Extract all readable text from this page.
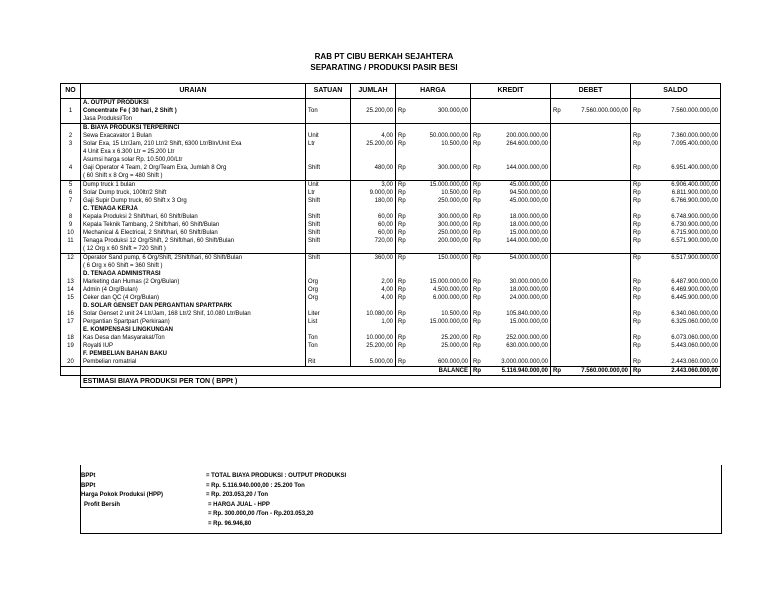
RAB PT CIBU BERKAH SEJAHTERA
SEPARATING / PRODUKSI PASIR BESI
NO	URAIAN	SATUAN	JUMLAH	HARGA	KREDIT	DEBET	SALDO
	A. OUTPUT PRODUKSI						
1	Concentrate Fe ( 30 hari, 2 Shift )	Ton	25.200,00	Rp 300.000,00		Rp 7.560.000.000,00	Rp 7.560.000.000,00
	Jasa Produksi/Ton						
	B. BIAYA PRODUKSI TERPERINCI						
2	Sewa Exacavator 1 Bulan	Unit	4,00	Rp 50.000.000,00	Rp 200.000.000,00		Rp 7.360.000.000,00
3	Solar Exa, 15 Ltr/Jam, 210 Ltr/2 Shift, 6300 Ltr/Bln/Unit Exa	Ltr	25.200,00	Rp 10.500,00	Rp 264.600.000,00		Rp 7.095.400.000,00
	4 Unit Exa x 6.300 Ltr = 25.200 Ltr						
	Asumsi harga solar Rp. 10.500,00/Ltr						
4	Gaji Operator 4 Team, 2 Org/Team Exa, Jumlah 8 Org	Shift	480,00	Rp 300.000,00	Rp 144.000.000,00		Rp 6.951.400.000,00
	( 60 Shift x 8 Org = 480 Shift )						
5	Dump truck 1 bulan	Unit	3,00	Rp 15.000.000,00	Rp 45.000.000,00		Rp 6.906.400.000,00
6	Solar Dump truck, 100ltr/2 Shift	Ltr	9.000,00	Rp 10.500,00	Rp 94.500.000,00		Rp 6.811.900.000,00
7	Gaji Supir Dump truck, 60 Shift x 3 Org	Shift	180,00	Rp 250.000,00	Rp 45.000.000,00		Rp 6.766.900.000,00
	C. TENAGA KERJA						
8	Kepala Produksi 2 Shift/hari, 60 Shift/Bulan	Shift	60,00	Rp 300.000,00	Rp 18.000.000,00		Rp 6.748.900.000,00
9	Kepala Teknik Tambang, 2 Shift/hari, 60 Shift/Bulan	Shift	60,00	Rp 300.000,00	Rp 18.000.000,00		Rp 6.730.900.000,00
10	Mechanical & Electrical, 2 Shift/hari, 60 Shift/Bulan	Shift	60,00	Rp 250.000,00	Rp 15.000.000,00		Rp 6.715.900.000,00
11	Tenaga Produksi 12 Org/Shift, 2 Shift/hari, 60 Shift/Bulan	Shift	720,00	Rp 200.000,00	Rp 144.000.000,00		Rp 6.571.900.000,00
	( 12 Org x 60 Shift = 720 Shift )						
12	Operator Sand pump, 6 Org/Shift, 2Shift/hari, 60 Shift/Bulan	Shift	360,00	Rp 150.000,00	Rp 54.000.000,00		Rp 6.517.900.000,00
	( 6 Org x 60 Shift = 360 Shift )						
	D. TENAGA ADMINISTRASI						
13	Marketing dan Humas (2 Org/Bulan)	Org	2,00	Rp 15.000.000,00	Rp 30.000.000,00		Rp 6.487.900.000,00
14	Admin (4 Org/Bulan)	Org	4,00	Rp 4.500.000,00	Rp 18.000.000,00		Rp 6.469.900.000,00
15	Ceker dan QC (4 Org/Bulan)	Org	4,00	Rp 6.000.000,00	Rp 24.000.000,00		Rp 6.445.900.000,00
	D. SOLAR GENSET DAN PERGANTIAN SPARTPARK						
16	Solar Genset 2 unit 24 Ltr/Jam, 168 Ltr/2 Shif, 10.080 Ltr/Bulan	Liter	10.080,00	Rp 10.500,00	Rp 105.840.000,00		Rp 6.340.060.000,00
17	Pergantian Spartpart (Perkiraan)	List	1,00	Rp 15.000.000,00	Rp 15.000.000,00		Rp 6.325.060.000,00
	E. KOMPENSASI LINGKUNGAN						
18	Kas Desa dan Masyarakat/Ton	Ton	10.000,00	Rp 25.200,00	Rp 252.000.000,00		Rp 6.073.060.000,00
19	Royalti IUP	Ton	25.200,00	Rp 25.000,00	Rp 630.000.000,00		Rp 5.443.060.000,00
	F. PEMBELIAN BAHAN BAKU						
20	Pembelian romatrial	Rit	5.000,00	Rp 600.000,00	Rp 3.000.000.000,00		Rp 2.443.060.000,00
	BALANCE				Rp 5.116.940.000,00	Rp 7.560.000.000,00	Rp 2.443.060.000,00
	ESTIMASI BIAYA PRODUKSI PER TON ( BPPt )						
BPPt	= TOTAL BIAYA PRODUKSI : OUTPUT PRODUKSI
BPPt	= Rp. 5.116.940.000,00 : 25.200 Ton
Harga Pokok Produksi (HPP)	= Rp. 203.053,20 / Ton
Profit Bersih	= HARGA JUAL - HPP
= Rp. 300.000,00 /Ton - Rp.203.053,20
= Rp. 96.946,80
